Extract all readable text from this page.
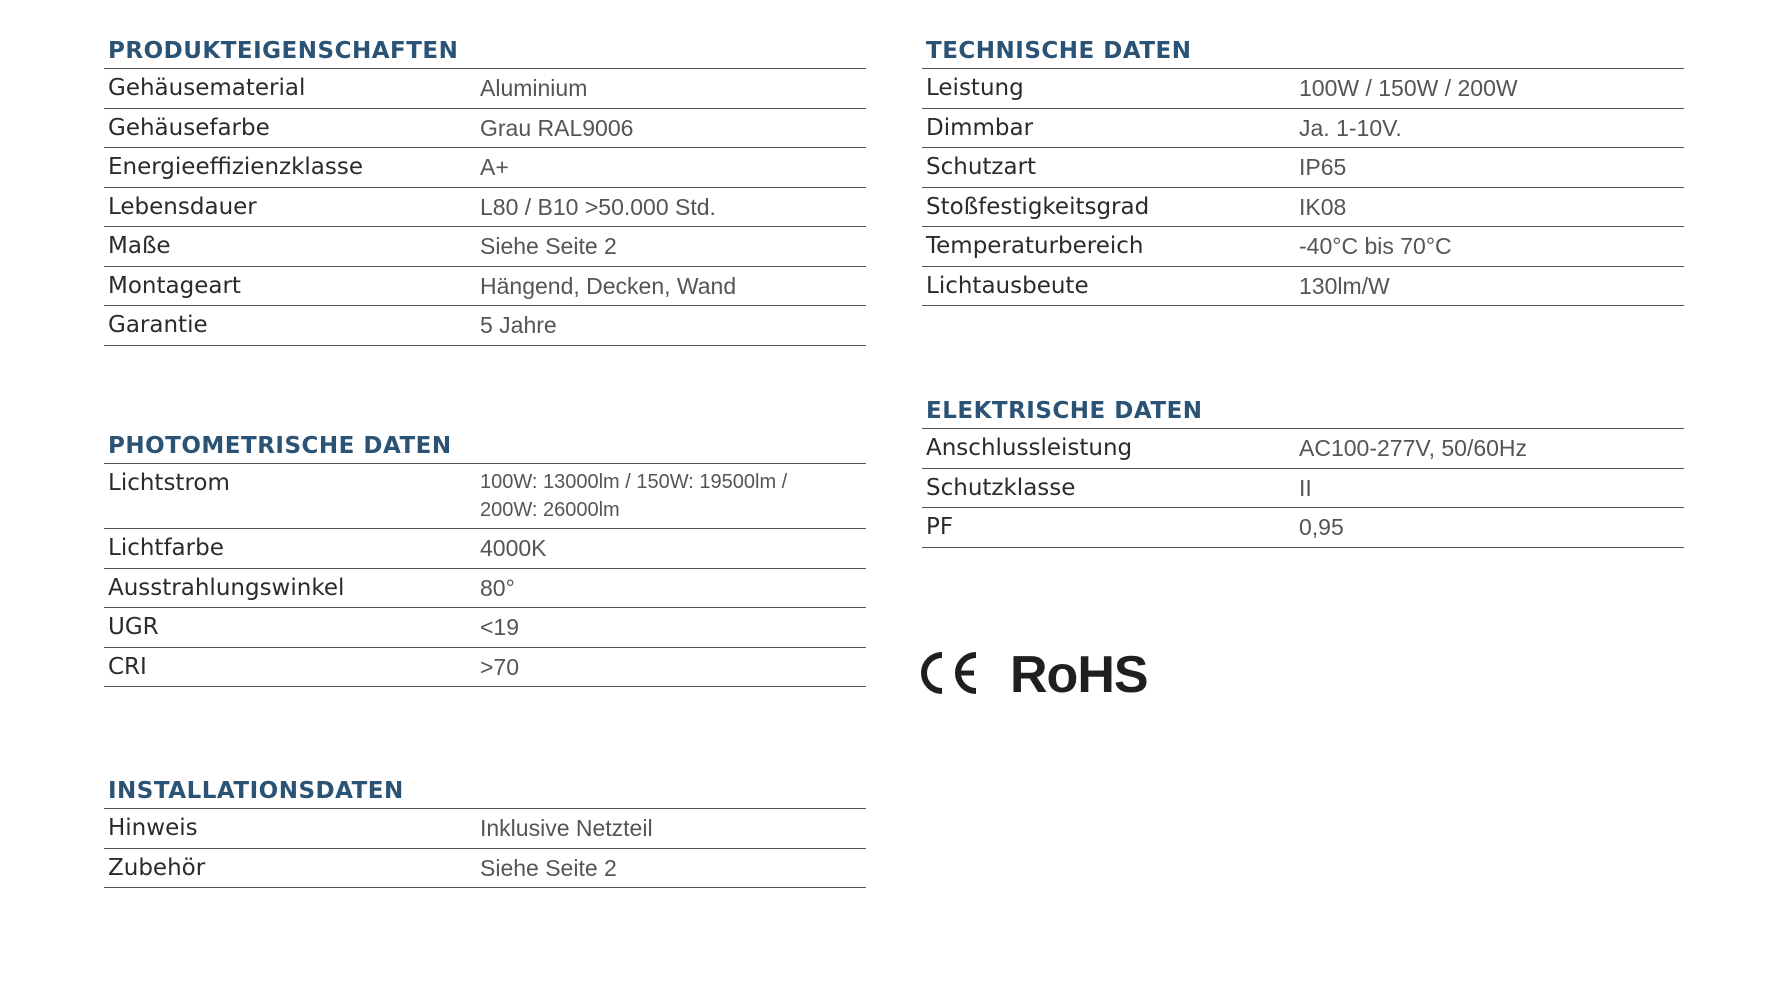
PRODUKTEIGENSCHAFTEN
Gehäusematerial	Aluminium
Gehäusefarbe	Grau RAL9006
Energieeffizienzklasse	A+
Lebensdauer	L80 / B10 >50.000 Std.
Maße	Siehe Seite 2
Montageart	Hängend, Decken, Wand
Garantie	5 Jahre
PHOTOMETRISCHE DATEN
Lichtstrom	100W: 13000lm / 150W: 19500lm /
200W: 26000lm

Lichtfarbe	4000K
Ausstrahlungswinkel	80°
UGR	<19
CRI	>70
INSTALLATIONSDATEN
Hinweis	Inklusive Netzteil
Zubehör	Siehe Seite 2
TECHNISCHE DATEN
Leistung	100W / 150W / 200W
Dimmbar	Ja. 1-10V.
Schutzart	IP65
Stoßfestigkeitsgrad	IK08
Temperaturbereich	-40°C bis 70°C
Lichtausbeute	130lm/W
ELEKTRISCHE DATEN
Anschlussleistung	AC100-277V, 50/60Hz
Schutzklasse	II
PF	0,95
RoHS
